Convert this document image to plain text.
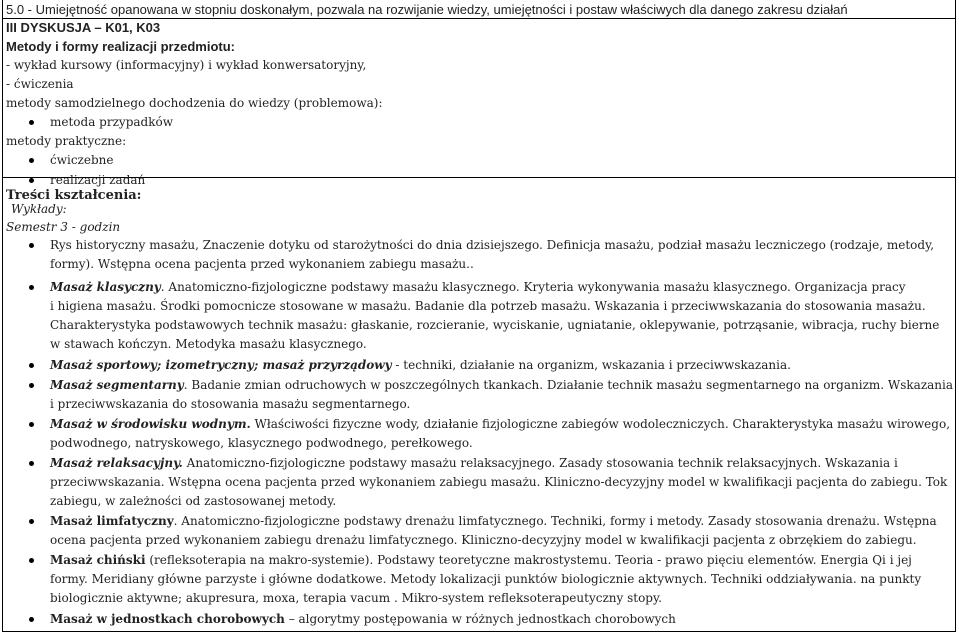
5.0 - Umiejętność opanowana w stopniu doskonałym, pozwala na rozwijanie wiedzy, umiejętności i postaw właściwych dla danego zakresu działań
III DYSKUSJA – K01, K03
Metody i formy realizacji przedmiotu:
- wykład kursowy (informacyjny) i wykład konwersatoryjny,
- ćwiczenia
metody samodzielnego dochodzenia do wiedzy (problemowa):
metoda przypadków
metody praktyczne:
ćwiczebne
realizacji zadań
Treści kształcenia:
Wykłady:
Semestr 3 - godzin
Rys historyczny masażu, Znaczenie dotyku od starożytności do dnia dzisiejszego. Definicja masażu, podział masażu leczniczego (rodzaje, metody,
formy). Wstępna ocena pacjenta przed wykonaniem zabiegu masażu..
Masaż klasyczny. Anatomiczno-fizjologiczne podstawy masażu klasycznego. Kryteria wykonywania masażu klasycznego. Organizacja pracy
i higiena masażu. Środki pomocnicze stosowane w masażu. Badanie dla potrzeb masażu. Wskazania i przeciwwskazania do stosowania masażu.
Charakterystyka podstawowych technik masażu: głaskanie, rozcieranie, wyciskanie, ugniatanie, oklepywanie, potrząsanie, wibracja, ruchy bierne
w stawach kończyn. Metodyka masażu klasycznego.
Masaż sportowy; izometryczny; masaż przyrządowy - techniki, działanie na organizm, wskazania i przeciwwskazania.
Masaż segmentarny. Badanie zmian odruchowych w poszczególnych tkankach. Działanie technik masażu segmentarnego na organizm. Wskazania
i przeciwwskazania do stosowania masażu segmentarnego.
Masaż w środowisku wodnym. Właściwości fizyczne wody, działanie fizjologiczne zabiegów wodoleczniczych. Charakterystyka masażu wirowego,
podwodnego, natryskowego, klasycznego podwodnego, perełkowego.
Masaż relaksacyjny. Anatomiczno-fizjologiczne podstawy masażu relaksacyjnego. Zasady stosowania technik relaksacyjnych. Wskazania i
przeciwwskazania. Wstępna ocena pacjenta przed wykonaniem zabiegu masażu. Kliniczno-decyzyjny model w kwalifikacji pacjenta do zabiegu. Tok
zabiegu, w zależności od zastosowanej metody.
Masaż limfatyczny. Anatomiczno-fizjologiczne podstawy drenażu limfatycznego. Techniki, formy i metody. Zasady stosowania drenażu. Wstępna
ocena pacjenta przed wykonaniem zabiegu drenażu limfatycznego. Kliniczno-decyzyjny model w kwalifikacji pacjenta z obrzękiem do zabiegu.
Masaż chiński (refleksoterapia na makro-systemie). Podstawy teoretyczne makrostystemu. Teoria - prawo pięciu elementów. Energia Qi i jej
formy. Meridiany główne parzyste i główne dodatkowe. Metody lokalizacji punktów biologicznie aktywnych. Techniki oddziaływania. na punkty
biologicznie aktywne; akupresura, moxa, terapia vacum . Mikro-system refleksoterapeutyczny stopy.
Masaż w jednostkach chorobowych – algorytmy postępowania w różnych jednostkach chorobowych
